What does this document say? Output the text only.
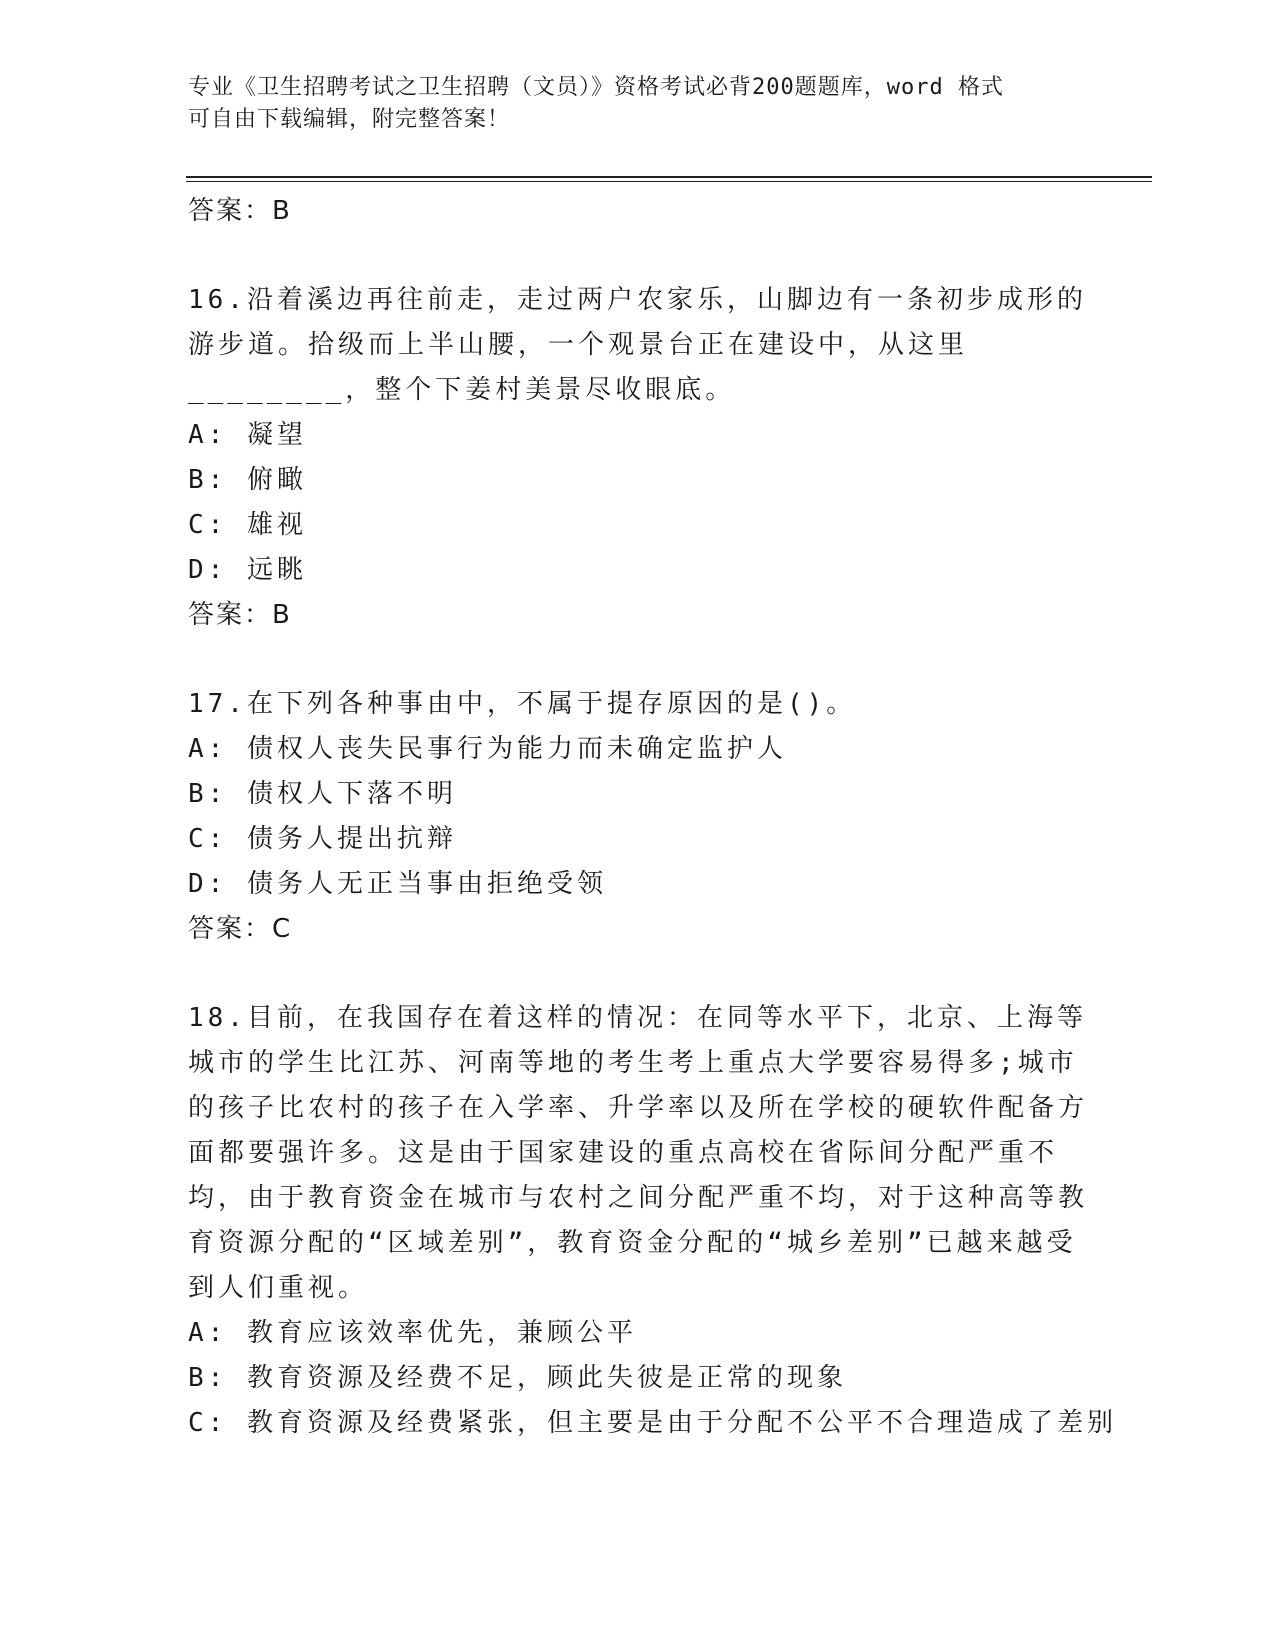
专业《卫生招聘考试之卫生招聘（文员）》资格考试必背200题题库，word 格式
可自由下载编辑，附完整答案！
答案：B
16.沿着溪边再往前走，走过两户农家乐，山脚边有一条初步成形的游步道。拾级而上半山腰，一个观景台正在建设中，从这里________，整个下姜村美景尽收眼底。
A: 凝望
B: 俯瞰
C: 雄视
D: 远眺
答案：B
17.在下列各种事由中，不属于提存原因的是()。
A: 债权人丧失民事行为能力而未确定监护人
B: 债权人下落不明
C: 债务人提出抗辩
D: 债务人无正当事由拒绝受领
答案：C
18.目前，在我国存在着这样的情况：在同等水平下，北京、上海等城市的学生比江苏、河南等地的考生考上重点大学要容易得多;城市的孩子比农村的孩子在入学率、升学率以及所在学校的硬软件配备方面都要强许多。这是由于国家建设的重点高校在省际间分配严重不均，由于教育资金在城市与农村之间分配严重不均，对于这种高等教育资源分配的“区域差别”，教育资金分配的“城乡差别”已越来越受到人们重视。
A: 教育应该效率优先，兼顾公平
B: 教育资源及经费不足，顾此失彼是正常的现象
C: 教育资源及经费紧张，但主要是由于分配不公平不合理造成了差别
